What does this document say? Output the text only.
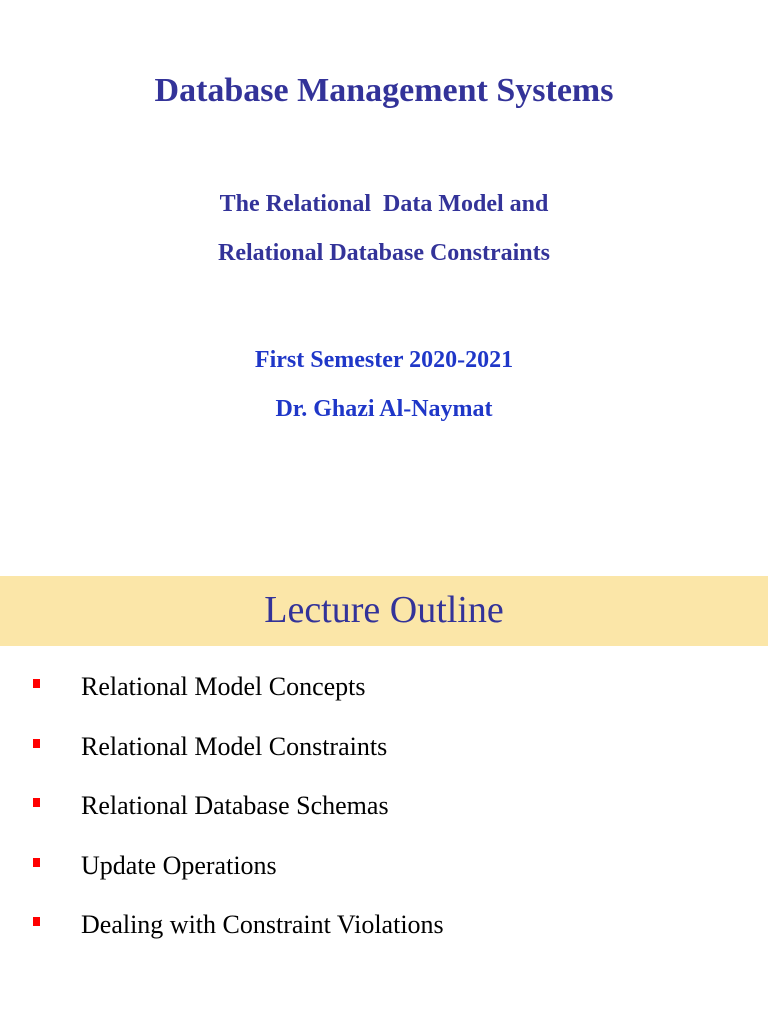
Database Management Systems
The Relational  Data Model and
Relational Database Constraints
First Semester 2020-2021
Dr. Ghazi Al-Naymat
Lecture Outline
Relational Model Concepts
Relational Model Constraints
Relational Database Schemas
Update Operations
Dealing with Constraint Violations
